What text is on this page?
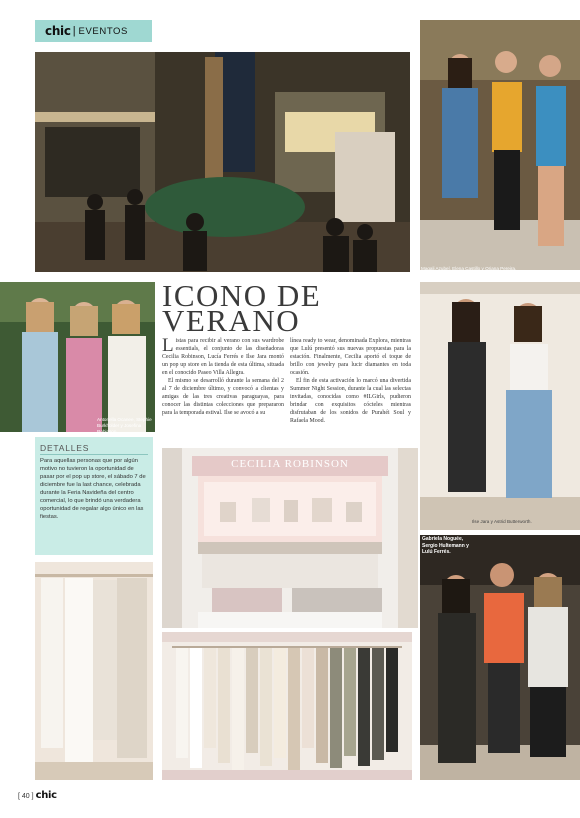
chic | EVENTOS
Magali Azubel, Elena Castillo y Oriana Pereira.
Antonella Ocanee, Stephie Burkholder y Josefina Robinson.
ICONO DE
VERANO

Listas para recibir al verano con sus wardrobe essentials, el conjunto de las diseñadoras Cecilia Robinson, Lucía Ferrés e Ilse Jara montó un pop up store en la tienda de esta última, situada en el conocido Paseo Villa Allegra.

El mismo se desarrolló durante la semana del 2 al 7 de diciembre último, y convocó a clientas y amigas de las tres creativas paraguayas, para conocer las distintas colecciones que prepararon para la temporada estival. Ilse se avocó a su

línea ready to wear, denominada Explora, mientras que Lulú presentó sus nuevas propuestas para la estación. Finalmente, Cecilia aportó el toque de brillo con jewelry para lucir diamantes en toda ocasión.

El fin de esta activación lo marcó una divertida Summer Night Session, durante la cual las selectas invitadas, conocidas como #ILGirls, pudieron brindar con exquisitos cócteles mientras disfrutaban de los sonidos de Purahéi Soul y Rafaela Mood.

Ilse Jara y Astrid Butterworth.
DETALLES
Para aquellas personas que por algún motivo no tuvieron la oportunidad de pasar por el pop up store, el sábado 7 de diciembre fue la last chance, celebrada durante la Feria Navideña del centro comercial, lo que brindó una verdadera oportunidad de regalar algo único en las fiestas.
CECILIA ROBINSON
Gabriela Noguée, Sergio Hultemann y Lulú Ferrés.
[ 40 ] chic
